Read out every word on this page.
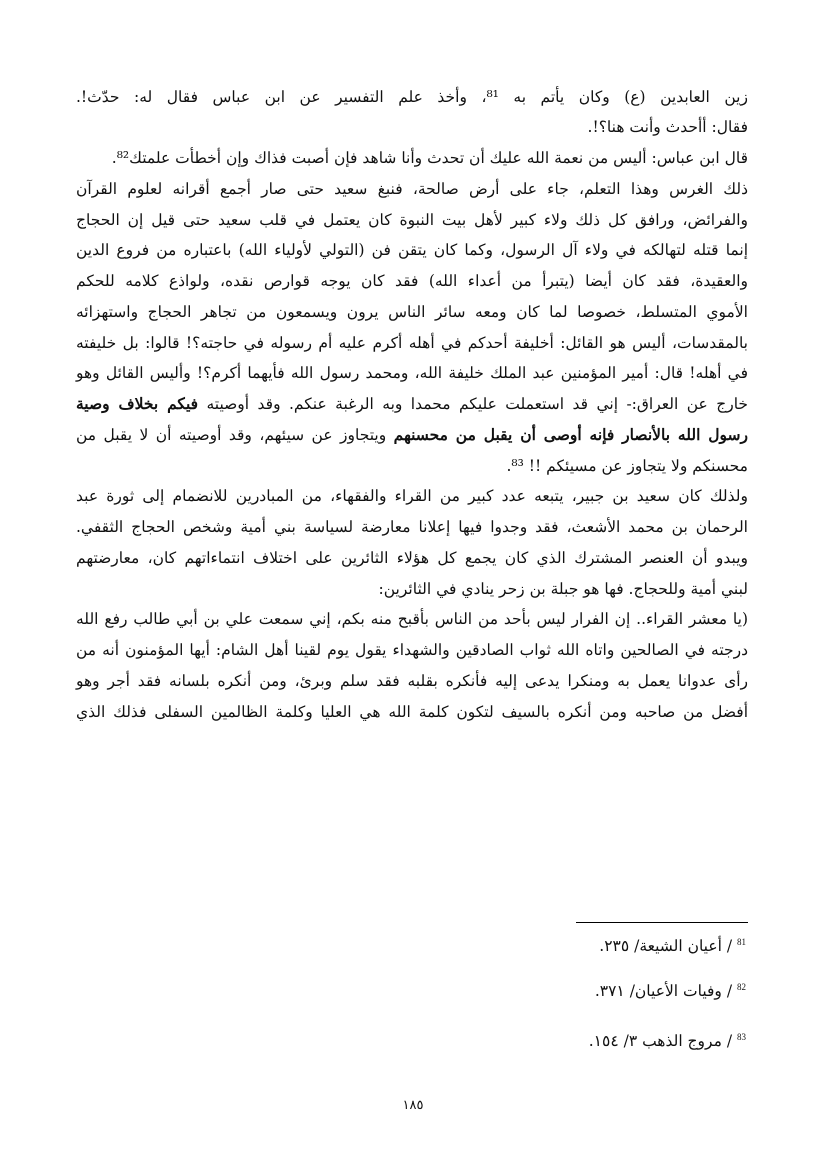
زين العابدين (ع) وكان يأتم به ⁸¹، وأخذ علم التفسير عن ابن عباس فقال له: حدّث!.
فقال: أأحدث وأنت هنا؟!.
قال ابن عباس: أليس من نعمة الله عليك أن تحدث وأنا شاهد فإن أصبت فذاك وإن أخطأت علمتك⁸².
ذلك الغرس وهذا التعلم، جاء على أرض صالحة، فنبغ سعيد حتى صار أجمع أقرانه لعلوم القرآن
والفرائض، ورافق كل ذلك ولاء كبير لأهل بيت النبوة كان يعتمل في قلب سعيد حتى قيل إن الحجاج
إنما قتله لتهالكه في ولاء آل الرسول، وكما كان يتقن فن (التولي لأولياء الله) باعتباره من فروع الدين
والعقيدة، فقد كان أيضا (يتبرأ من أعداء الله) فقد كان يوجه قوارص نقده، ولواذع كلامه للحكم
الأموي المتسلط، خصوصا لما كان ومعه سائر الناس يرون ويسمعون من تجاهر الحجاج واستهزائه
بالمقدسات، أليس هو القائل: أخليفة أحدكم في أهله أكرم عليه أم رسوله في حاجته؟! قالوا: بل خليفته
في أهله! قال: أمير المؤمنين عبد الملك خليفة الله، ومحمد رسول الله فأيهما أكرم؟! وأليس القائل وهو
خارج عن العراق:- إني قد استعملت عليكم محمدا وبه الرغبة عنكم. وقد أوصيته فيكم بخلاف وصية
رسول الله بالأنصار فإنه أوصى أن يقبل من محسنهم ويتجاوز عن سيئهم، وقد أوصيته أن لا يقبل من
محسنكم ولا يتجاوز عن مسيئكم !! ⁸³.
ولذلك كان سعيد بن جبير، يتبعه عدد كبير من القراء والفقهاء، من المبادرين للانضمام إلى ثورة عبد
الرحمان بن محمد الأشعث، فقد وجدوا فيها إعلانا معارضة لسياسة بني أمية وشخص الحجاج الثقفي.
ويبدو أن العنصر المشترك الذي كان يجمع كل هؤلاء الثائرين على اختلاف انتماءاتهم كان، معارضتهم
لبني أمية وللحجاج. فها هو جبلة بن زحر ينادي في الثائرين:
(يا معشر القراء.. إن الفرار ليس بأحد من الناس بأقبح منه بكم، إني سمعت علي بن أبي طالب رفع الله
درجته في الصالحين واتاه الله ثواب الصادقين والشهداء يقول يوم لقينا أهل الشام: أيها المؤمنون أنه من
رأى عدوانا يعمل به ومنكرا يدعى إليه فأنكره بقلبه فقد سلم وبرئ، ومن أنكره بلسانه فقد أجر وهو
أفضل من صاحبه ومن أنكره بالسيف لتكون كلمة الله هي العليا وكلمة الظالمين السفلى فذلك الذي
$^{81}$ / أعيان الشيعة/ ٢٣٥.
$^{82}$ / وفيات الأعيان/ ٣٧١.
$^{83}$ / مروج الذهب ٣/ ١٥٤.
١٨٥
